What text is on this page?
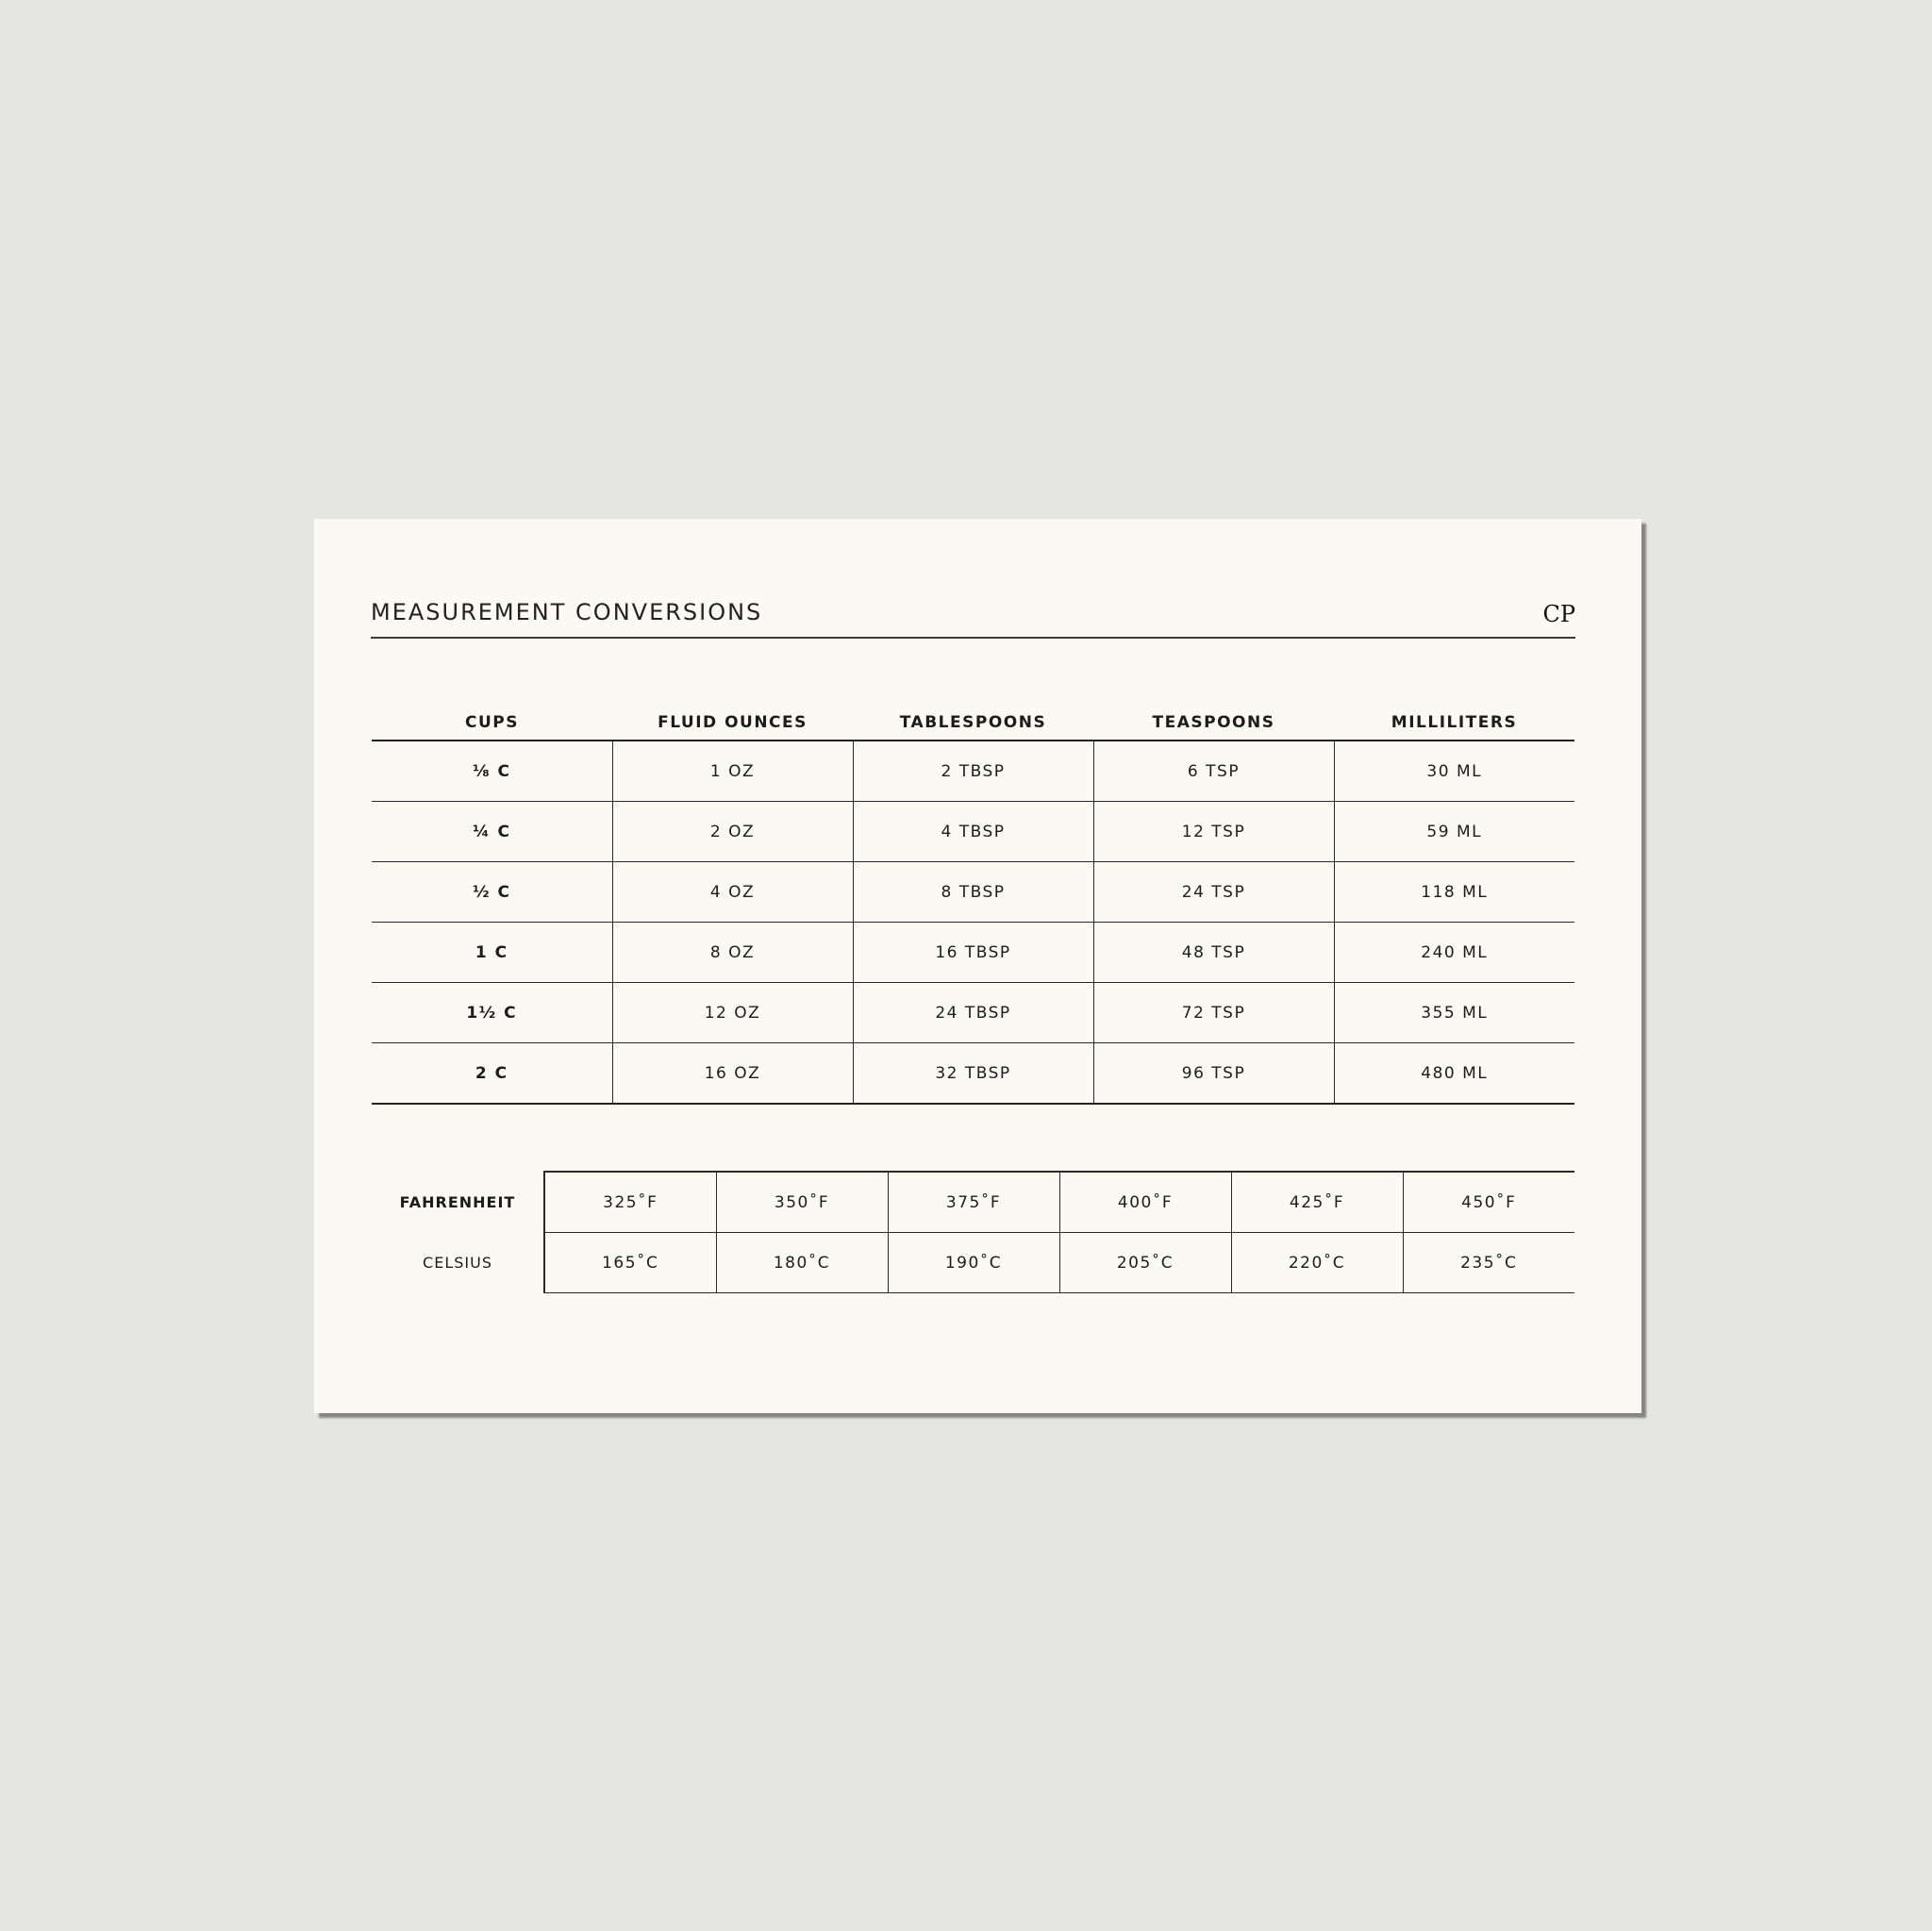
MEASUREMENT CONVERSIONS	CP
CUPS	FLUID OUNCES	TABLESPOONS	TEASPOONS	MILLILITERS
⅛ C	1 OZ	2 TBSP	6 TSP	30 ML
¼ C	2 OZ	4 TBSP	12 TSP	59 ML
½ C	4 OZ	8 TBSP	24 TSP	118 ML
1 C	8 OZ	16 TBSP	48 TSP	240 ML
1½ C	12 OZ	24 TBSP	72 TSP	355 ML
2 C	16 OZ	32 TBSP	96 TSP	480 ML
FAHRENHEIT	325˚F	350˚F	375˚F	400˚F	425˚F	450˚F
CELSIUS	165˚C	180˚C	190˚C	205˚C	220˚C	235˚C
